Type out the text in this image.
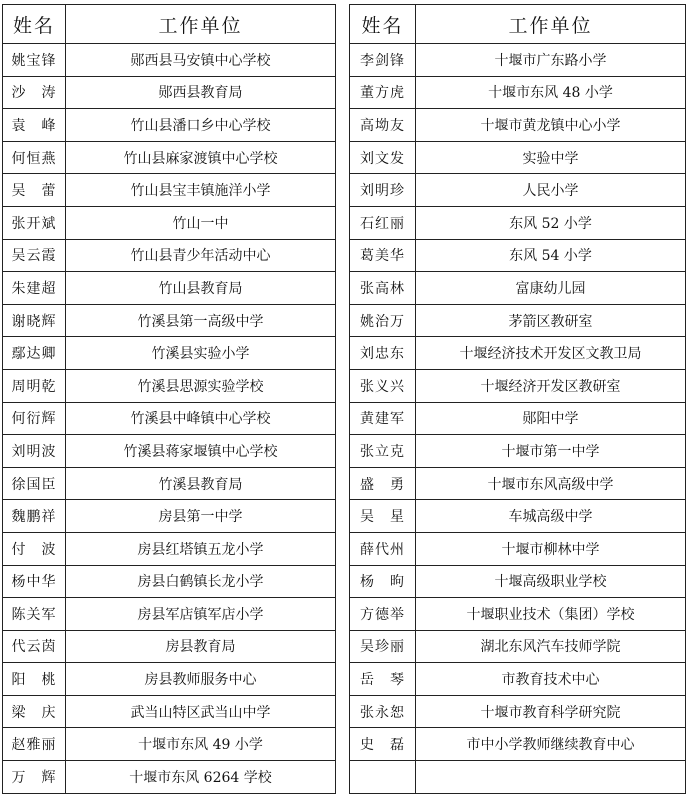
姓名	工作单位		姓名	工作单位
姚宝锋	郧西县马安镇中心学校		李剑锋	十堰市广东路小学
沙　涛	郧西县教育局		董方虎	十堰市东风 48 小学
袁　峰	竹山县潘口乡中心学校		高坳友	十堰市黄龙镇中心小学
何恒燕	竹山县麻家渡镇中心学校		刘文发	实验中学
吴　蕾	竹山县宝丰镇施洋小学		刘明珍	人民小学
张开斌	竹山一中		石红丽	东风 52 小学
吴云霞	竹山县青少年活动中心		葛美华	东风 54 小学
朱建超	竹山县教育局		张高林	富康幼儿园
谢晓辉	竹溪县第一高级中学		姚治万	茅箭区教研室
鄢达卿	竹溪县实验小学		刘忠东	十堰经济技术开发区文教卫局
周明乾	竹溪县思源实验学校		张义兴	十堰经济开发区教研室
何衍辉	竹溪县中峰镇中心学校		黄建军	郧阳中学
刘明波	竹溪县蒋家堰镇中心学校		张立克	十堰市第一中学
徐国臣	竹溪县教育局		盛　勇	十堰市东风高级中学
魏鹏祥	房县第一中学		吴　星	车城高级中学
付　波	房县红塔镇五龙小学		薛代州	十堰市柳林中学
杨中华	房县白鹤镇长龙小学		杨　昫	十堰高级职业学校
陈关军	房县军店镇军店小学		方德举	十堰职业技术（集团）学校
代云茵	房县教育局		吴珍丽	湖北东风汽车技师学院
阳　桃	房县教师服务中心		岳　琴	市教育技术中心
梁　庆	武当山特区武当山中学		张永恕	十堰市教育科学研究院
赵雅丽	十堰市东风 49 小学		史　磊	市中小学教师继续教育中心
万　辉	十堰市东风 6264 学校			
